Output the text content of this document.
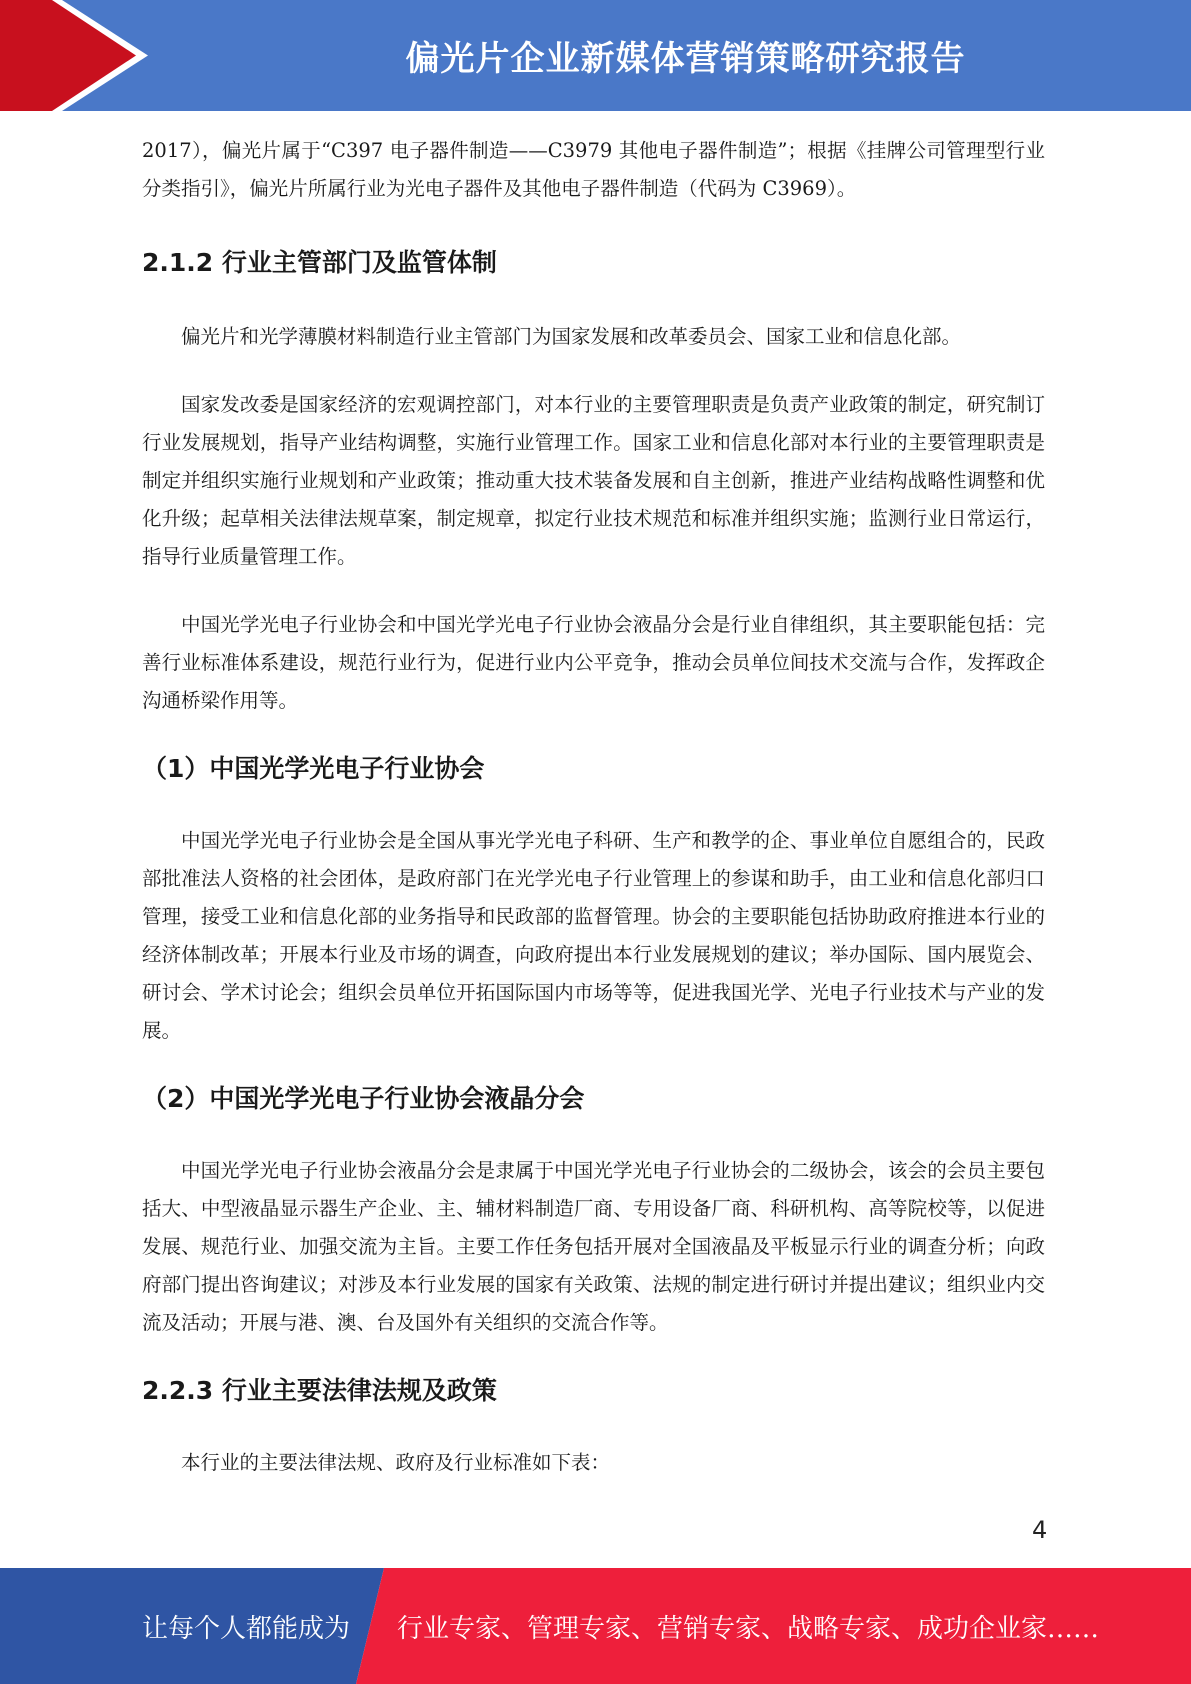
偏光片企业新媒体营销策略研究报告

2017），偏光片属于“C397 电子器件制造——C3979 其他电子器件制造”；根据《挂牌公司管理型行业分类指引》，偏光片所属行业为光电子器件及其他电子器件制造（代码为 C3969）。

2.1.2 行业主管部门及监管体制

偏光片和光学薄膜材料制造行业主管部门为国家发展和改革委员会、国家工业和信息化部。

国家发改委是国家经济的宏观调控部门，对本行业的主要管理职责是负责产业政策的制定，研究制订行业发展规划，指导产业结构调整，实施行业管理工作。国家工业和信息化部对本行业的主要管理职责是制定并组织实施行业规划和产业政策；推动重大技术装备发展和自主创新，推进产业结构战略性调整和优化升级；起草相关法律法规草案，制定规章，拟定行业技术规范和标准并组织实施；监测行业日常运行，指导行业质量管理工作。

中国光学光电子行业协会和中国光学光电子行业协会液晶分会是行业自律组织，其主要职能包括：完善行业标准体系建设，规范行业行为，促进行业内公平竞争，推动会员单位间技术交流与合作，发挥政企沟通桥梁作用等。

（1）中国光学光电子行业协会

中国光学光电子行业协会是全国从事光学光电子科研、生产和教学的企、事业单位自愿组合的，民政部批准法人资格的社会团体，是政府部门在光学光电子行业管理上的参谋和助手，由工业和信息化部归口管理，接受工业和信息化部的业务指导和民政部的监督管理。协会的主要职能包括协助政府推进本行业的经济体制改革；开展本行业及市场的调查，向政府提出本行业发展规划的建议；举办国际、国内展览会、研讨会、学术讨论会；组织会员单位开拓国际国内市场等等，促进我国光学、光电子行业技术与产业的发展。

（2）中国光学光电子行业协会液晶分会

中国光学光电子行业协会液晶分会是隶属于中国光学光电子行业协会的二级协会，该会的会员主要包括大、中型液晶显示器生产企业、主、辅材料制造厂商、专用设备厂商、科研机构、高等院校等，以促进发展、规范行业、加强交流为主旨。主要工作任务包括开展对全国液晶及平板显示行业的调查分析；向政府部门提出咨询建议；对涉及本行业发展的国家有关政策、法规的制定进行研讨并提出建议；组织业内交流及活动；开展与港、澳、台及国外有关组织的交流合作等。

2.2.3 行业主要法律法规及政策

本行业的主要法律法规、政府及行业标准如下表：

4
让每个人都能成为 行业专家、管理专家、营销专家、战略专家、成功企业家……
